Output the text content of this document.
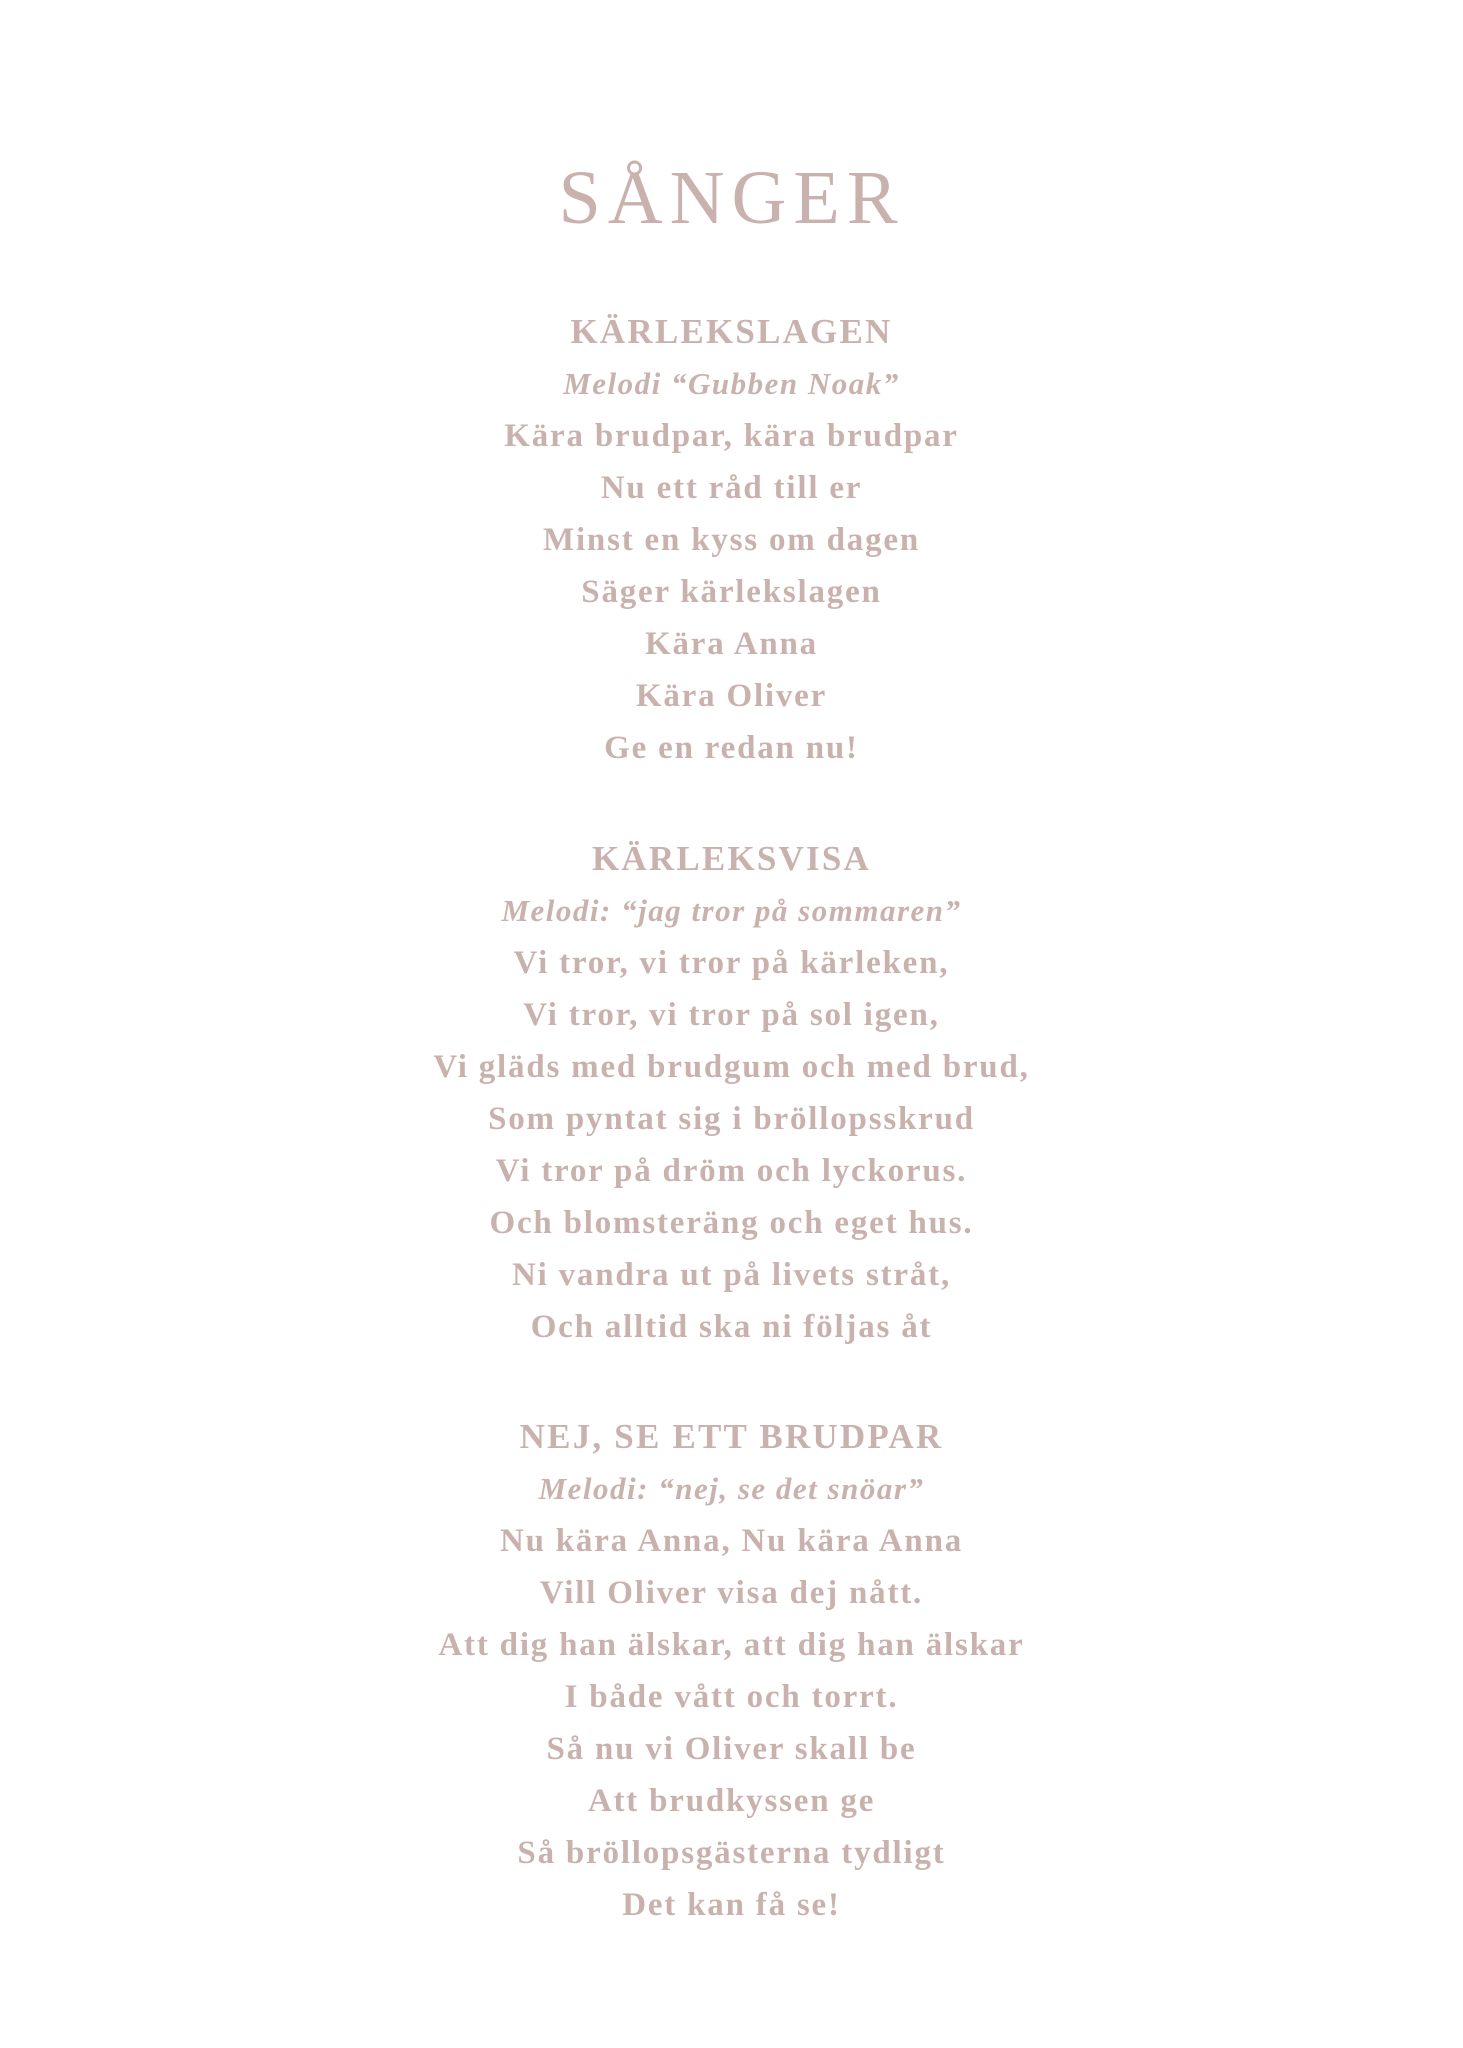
SÅNGER
KÄRLEKSLAGEN
Melodi “Gubben Noak”
Kära brudpar, kära brudpar
Nu ett råd till er
Minst en kyss om dagen
Säger kärlekslagen
Kära Anna
Kära Oliver
Ge en redan nu!
KÄRLEKSVISA
Melodi: “jag tror på sommaren”
Vi tror, vi tror på kärleken,
Vi tror, vi tror på sol igen,
Vi gläds med brudgum och med brud,
Som pyntat sig i bröllopsskrud
Vi tror på dröm och lyckorus.
Och blomsteräng och eget hus.
Ni vandra ut på livets stråt,
Och alltid ska ni följas åt
NEJ, SE ETT BRUDPAR
Melodi: “nej, se det snöar”
Nu kära Anna, Nu kära Anna
Vill Oliver visa dej nått.
Att dig han älskar, att dig han älskar
I både vått och torrt.
Så nu vi Oliver skall be
Att brudkyssen ge
Så bröllopsgästerna tydligt
Det kan få se!
